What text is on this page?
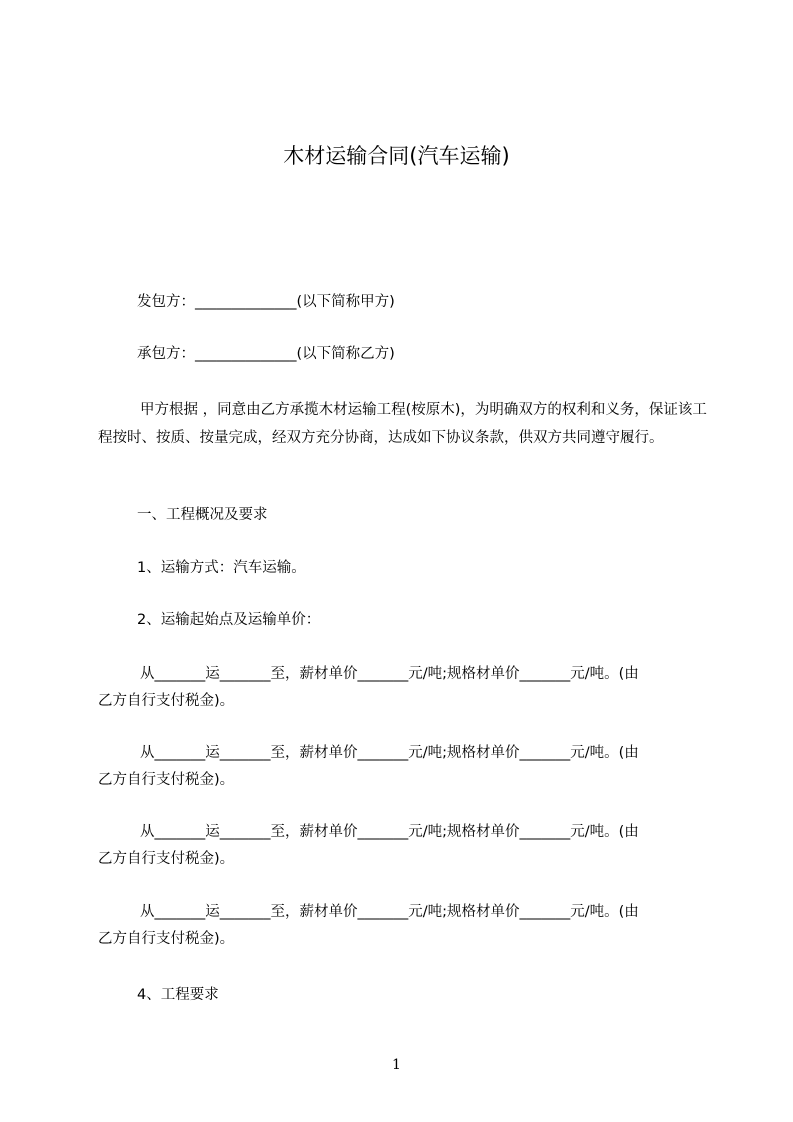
木材运输合同(汽车运输)
发包方：______________(以下简称甲方)
承包方：______________(以下简称乙方)
甲方根据 ，同意由乙方承揽木材运输工程(桉原木)，为明确双方的权利和义务，保证该工程按时、按质、按量完成，经双方充分协商，达成如下协议条款，供双方共同遵守履行。
一、工程概况及要求
1、运输方式：汽车运输。
2、运输起始点及运输单价：
从_______运_______至，薪材单价_______元/吨;规格材单价_______元/吨。(由
乙方自行支付税金)。
从_______运_______至，薪材单价_______元/吨;规格材单价_______元/吨。(由
乙方自行支付税金)。
从_______运_______至，薪材单价_______元/吨;规格材单价_______元/吨。(由
乙方自行支付税金)。
从_______运_______至，薪材单价_______元/吨;规格材单价_______元/吨。(由
乙方自行支付税金)。
4、工程要求
1
